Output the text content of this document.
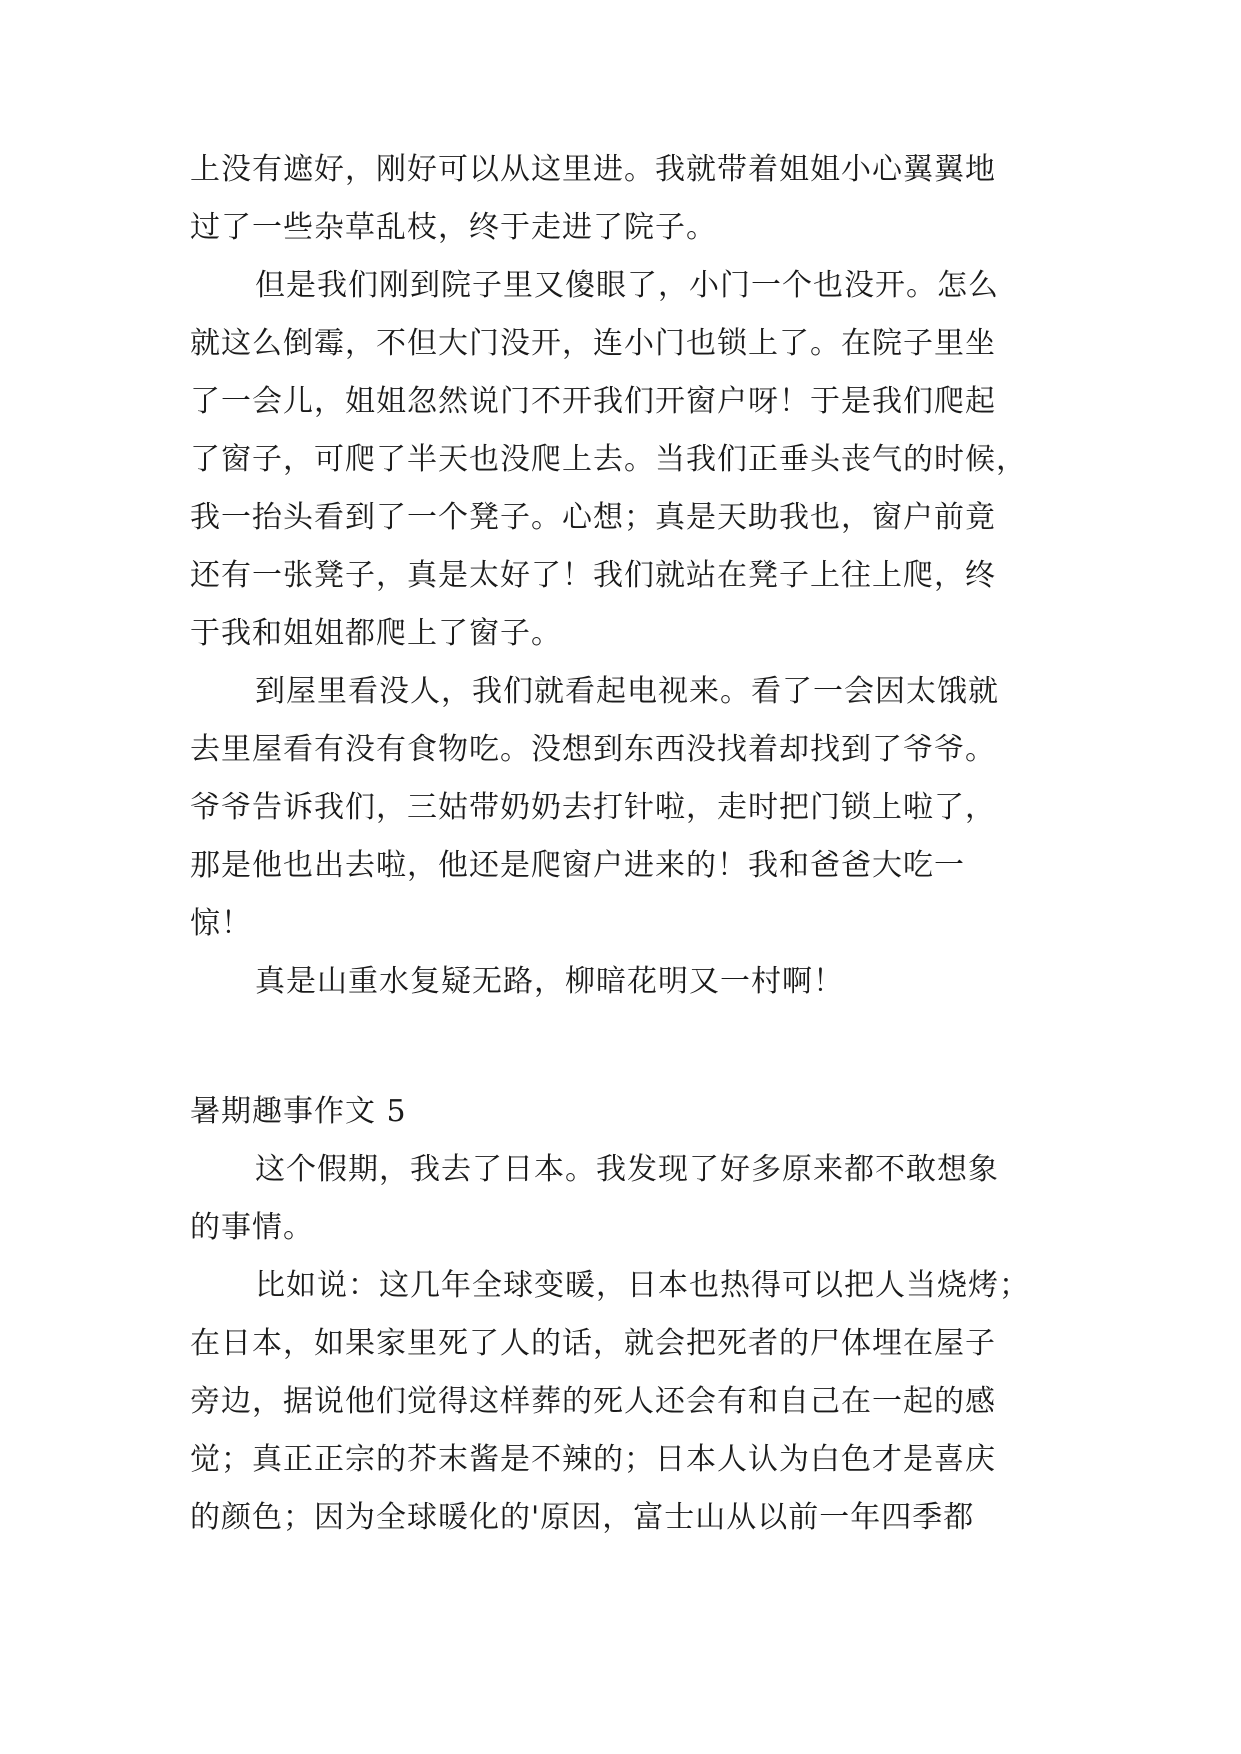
上没有遮好，刚好可以从这里进。我就带着姐姐小心翼翼地
过了一些杂草乱枝，终于走进了院子。
但是我们刚到院子里又傻眼了，小门一个也没开。怎么
就这么倒霉，不但大门没开，连小门也锁上了。在院子里坐
了一会儿，姐姐忽然说门不开我们开窗户呀！于是我们爬起
了窗子，可爬了半天也没爬上去。当我们正垂头丧气的时候，
我一抬头看到了一个凳子。心想；真是天助我也，窗户前竟
还有一张凳子，真是太好了！我们就站在凳子上往上爬，终
于我和姐姐都爬上了窗子。
到屋里看没人，我们就看起电视来。看了一会因太饿就
去里屋看有没有食物吃。没想到东西没找着却找到了爷爷。
爷爷告诉我们，三姑带奶奶去打针啦，走时把门锁上啦了，
那是他也出去啦，他还是爬窗户进来的！我和爸爸大吃一
惊！
真是山重水复疑无路，柳暗花明又一村啊！
暑期趣事作文 5
这个假期，我去了日本。我发现了好多原来都不敢想象
的事情。
比如说：这几年全球变暖，日本也热得可以把人当烧烤；
在日本，如果家里死了人的话，就会把死者的尸体埋在屋子
旁边，据说他们觉得这样葬的死人还会有和自己在一起的感
觉；真正正宗的芥末酱是不辣的；日本人认为白色才是喜庆
的颜色；因为全球暖化的'原因，富士山从以前一年四季都
